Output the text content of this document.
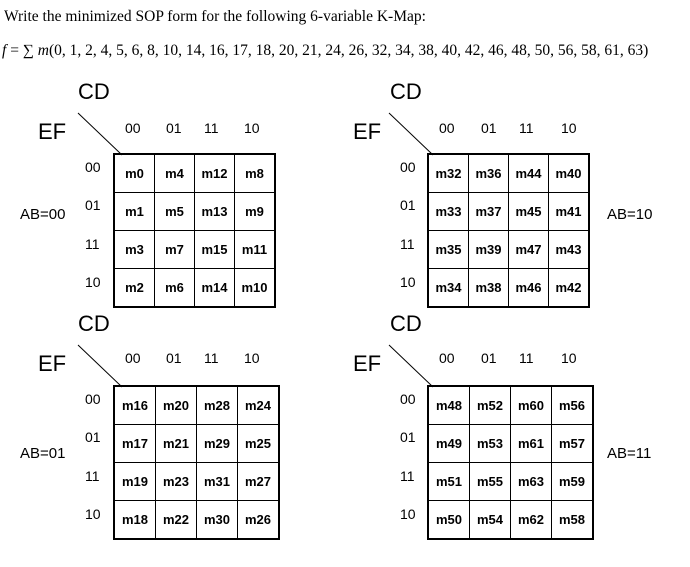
Write the minimized SOP form for the following 6-variable K-Map:
f = ∑ m(0, 1, 2, 4, 5, 6, 8, 10, 14, 16, 17, 18, 20, 21, 24, 26, 32, 34, 38, 40, 42, 46, 48, 50, 56, 58, 61, 63)
CD
EF	00 01 11 10
00
01
11
10
AB=00
m0	m4	m12	m8
m1	m5	m13	m9
m3	m7	m15	m11
m2	m6	m14	m10
CD
EF	00 01 11 10
00
01
11
10
AB=10
m32	m36	m44	m40
m33	m37	m45	m41
m35	m39	m47	m43
m34	m38	m46	m42
CD
EF	00 01 11 10
00
01
11
10
AB=01
m16	m20	m28	m24
m17	m21	m29	m25
m19	m23	m31	m27
m18	m22	m30	m26
CD
EF	00 01 11 10
00
01
11
10
AB=11
m48	m52	m60	m56
m49	m53	m61	m57
m51	m55	m63	m59
m50	m54	m62	m58
